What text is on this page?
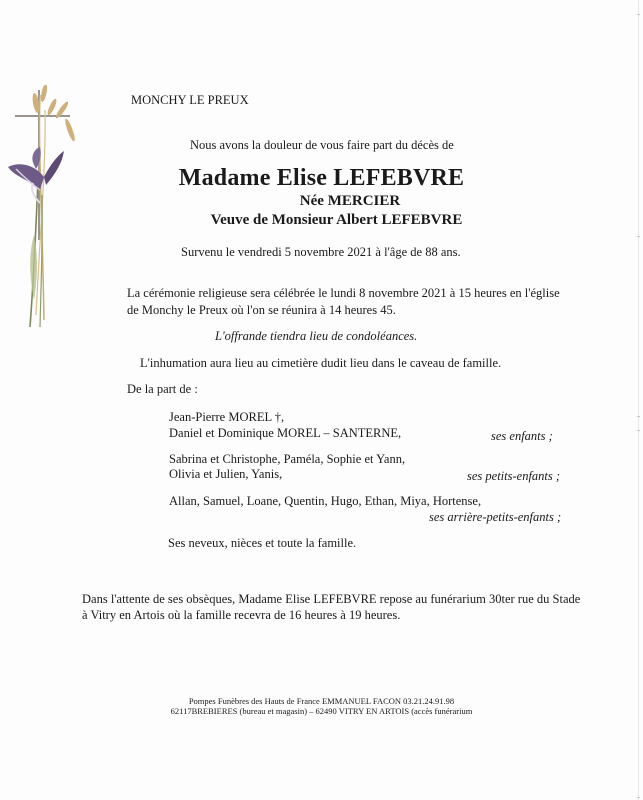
MONCHY LE PREUX
Nous avons la douleur de vous faire part du décès de
Madame Elise LEFEBVRE
Née MERCIER
Veuve de Monsieur Albert LEFEBVRE
Survenu le vendredi 5 novembre 2021 à l'âge de 88 ans.
La cérémonie religieuse sera célébrée le lundi 8 novembre 2021 à 15 heures en l'église
de Monchy le Preux où l'on se réunira à 14 heures 45.
L'offrande tiendra lieu de condoléances.
L'inhumation aura lieu au cimetière dudit lieu dans le caveau de famille.
De la part de :
Jean-Pierre MOREL †,
Daniel et Dominique MOREL – SANTERNE,	ses enfants ;
Sabrina et Christophe, Paméla, Sophie et Yann,
Olivia et Julien, Yanis,	ses petits-enfants ;
Allan, Samuel, Loane, Quentin, Hugo, Ethan, Miya, Hortense,
ses arrière-petits-enfants ;
Ses neveux, nièces et toute la famille.
Dans l'attente de ses obsèques, Madame Elise LEFEBVRE repose au funérarium 30ter rue du Stade
à Vitry en Artois où la famille recevra de 16 heures à 19 heures.
Pompes Funèbres des Hauts de France EMMANUEL FACON 03.21.24.91.98
62117BREBIERES (bureau et magasin) – 62490 VITRY EN ARTOIS (accès funérarium
